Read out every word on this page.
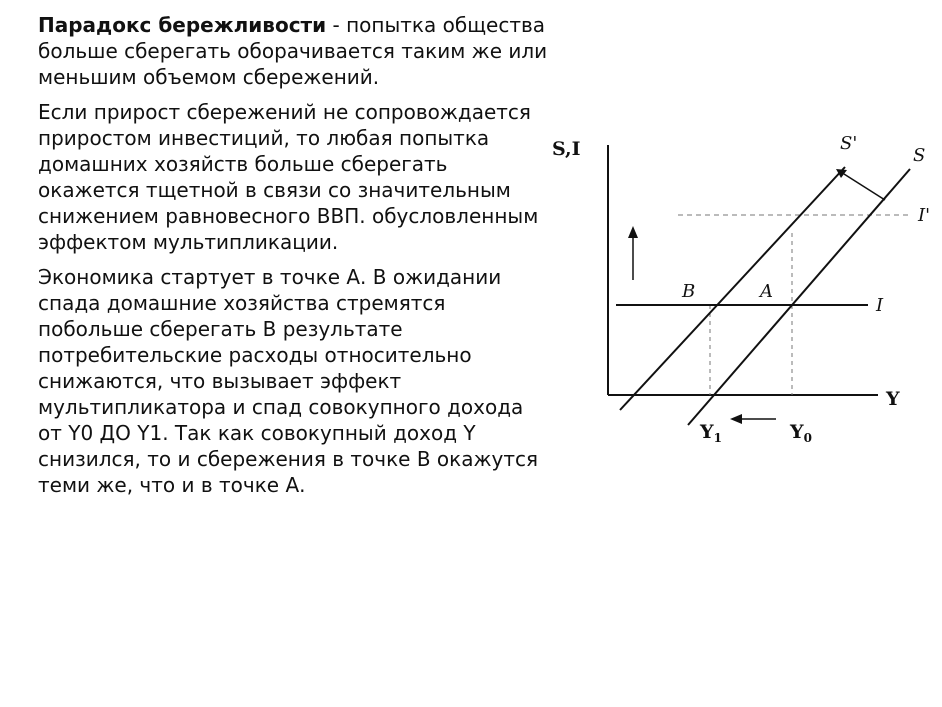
Парадокс бережливости - попытка общества больше сберегать оборачивается таким же или меньшим объемом сбережений.

Если прирост сбережений не сопровождается приростом инвестиций, то любая попытка домашних хозяйств больше сберегать окажется тщетной в связи со значительным снижением равновесного ВВП. обусловленным эффектом мультипликации.

Экономика стартует в точке А. В ожидании спада домашние хозяйства стремятся побольше сберегать В результате потребительские расходы относительно снижаются, что вызывает эффект мультипликатора и спад совокупного дохода от Y0 ДО Y1. Так как совокупный доход Y снизился, то и сбережения в точке В окажутся теми же, что и в точке А.

S,I
Y
S
S'
I
I'
A
B
$Y_1$	$Y_0$
